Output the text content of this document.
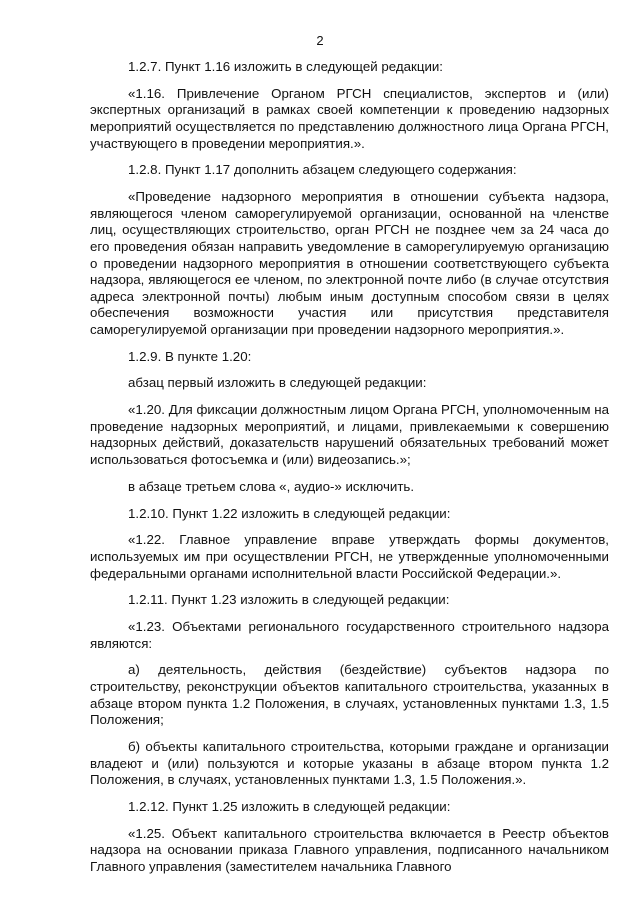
2

1.2.7. Пункт 1.16 изложить в следующей редакции:

«1.16. Привлечение Органом РГСН специалистов, экспертов и (или) экспертных организаций в рамках своей компетенции к проведению надзорных мероприятий осуществляется по представлению должностного лица Органа РГСН, участвующего в проведении мероприятия.».

1.2.8. Пункт 1.17 дополнить абзацем следующего содержания:

«Проведение надзорного мероприятия в отношении субъекта надзора, являющегося членом саморегулируемой организации, основанной на членстве лиц, осуществляющих строительство, орган РГСН не позднее чем за 24 часа до его проведения обязан направить уведомление в саморегулируемую организацию о проведении надзорного мероприятия в отношении соответствующего субъекта надзора, являющегося ее членом, по электронной почте либо (в случае отсутствия адреса электронной почты) любым иным доступным способом связи в целях обеспечения возможности участия или присутствия представителя саморегулируемой организации при проведении надзорного мероприятия.».

1.2.9. В пункте 1.20:

абзац первый изложить в следующей редакции:

«1.20. Для фиксации должностным лицом Органа РГСН, уполномоченным на проведение надзорных мероприятий, и лицами, привлекаемыми к совершению надзорных действий, доказательств нарушений обязательных требований может использоваться фотосъемка и (или) видеозапись.»;

в абзаце третьем слова «, аудио-» исключить.

1.2.10. Пункт 1.22 изложить в следующей редакции:

«1.22. Главное управление вправе утверждать формы документов, используемых им при осуществлении РГСН, не утвержденные уполномоченными федеральными органами исполнительной власти Российской Федерации.».

1.2.11. Пункт 1.23 изложить в следующей редакции:

«1.23. Объектами регионального государственного строительного надзора являются:

а) деятельность, действия (бездействие) субъектов надзора по строительству, реконструкции объектов капитального строительства, указанных в абзаце втором пункта 1.2 Положения, в случаях, установленных пунктами 1.3, 1.5 Положения;

б) объекты капитального строительства, которыми граждане и организации владеют и (или) пользуются и которые указаны в абзаце втором пункта 1.2 Положения, в случаях, установленных пунктами 1.3, 1.5 Положения.».

1.2.12. Пункт 1.25 изложить в следующей редакции:

«1.25. Объект капитального строительства включается в Реестр объектов надзора на основании приказа Главного управления, подписанного начальником Главного управления (заместителем начальника Главного
